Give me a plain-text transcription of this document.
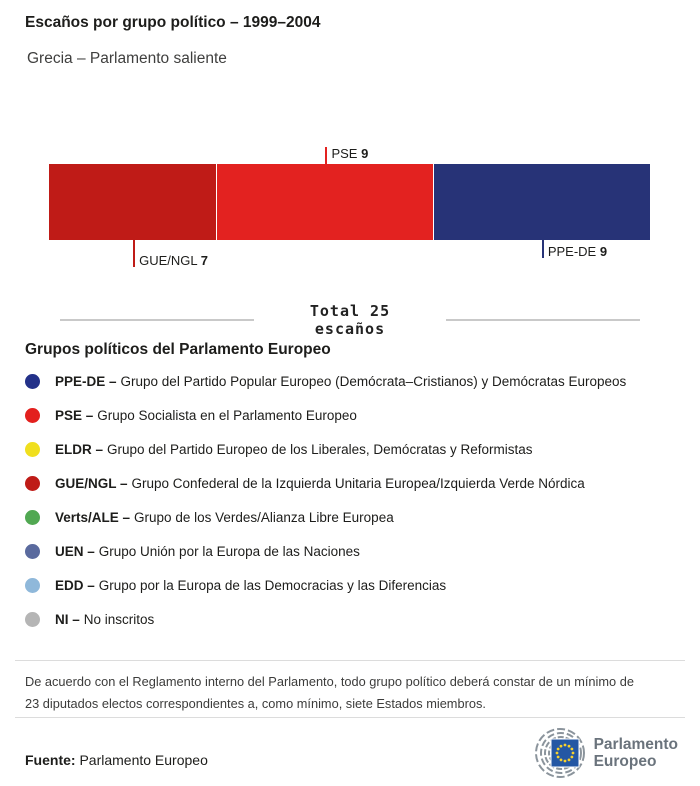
Escaños por grupo político – 1999–2004
Grecia – Parlamento saliente
GUE/NGL 7
PSE 9
PPE-DE 9
Total 25
escaños
Grupos políticos del Parlamento Europeo
PPE-DE – Grupo del Partido Popular Europeo (Demócrata–Cristianos) y Demócratas Europeos
PSE – Grupo Socialista en el Parlamento Europeo
ELDR – Grupo del Partido Europeo de los Liberales, Demócratas y Reformistas
GUE/NGL – Grupo Confederal de la Izquierda Unitaria Europea/Izquierda Verde Nórdica
Verts/ALE – Grupo de los Verdes/Alianza Libre Europea
UEN – Grupo Unión por la Europa de las Naciones
EDD – Grupo por la Europa de las Democracias y las Diferencias
NI – No inscritos
De acuerdo con el Reglamento interno del Parlamento, todo grupo político deberá constar de un mínimo de 23 diputados electos correspondientes a, como mínimo, siete Estados miembros.
Fuente: Parlamento Europeo
Parlamento
Europeo
